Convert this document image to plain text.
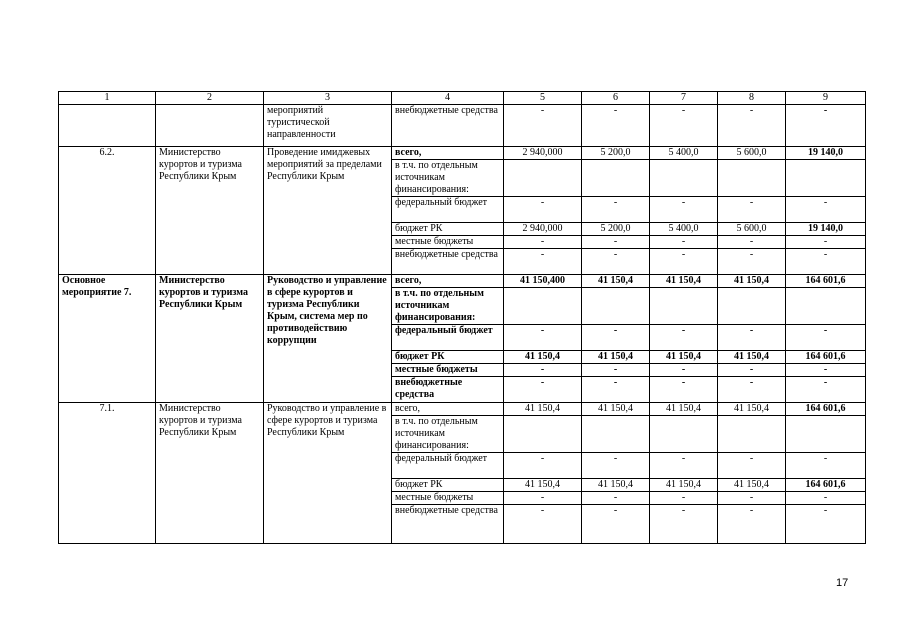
1	2	3	4	5	6	7	8	9
		мероприятий туристической направленности	внебюджетные средства	-	-	-	-	-
6.2.	Министерство курортов и туризма Республики Крым	Проведение имиджевых мероприятий за пределами Республики Крым	всего,	2 940,000	5 200,0	5 400,0	5 600,0	19 140,0
			в т.ч. по отдельным источникам финансирования:					
			федеральный бюджет	-	-	-	-	-
			бюджет РК	2 940,000	5 200,0	5 400,0	5 600,0	19 140,0
			местные бюджеты	-	-	-	-	-
			внебюджетные средства	-	-	-	-	-
Основное мероприятие 7.	Министерство курортов и туризма Республики Крым	Руководство и управление в сфере курортов и туризма Республики Крым, система мер по противодействию коррупции	всего,	41 150,400	41 150,4	41 150,4	41 150,4	164 601,6
			в т.ч. по отдельным источникам финансирования:					
			федеральный бюджет	-	-	-	-	-
			бюджет РК	41 150,4	41 150,4	41 150,4	41 150,4	164 601,6
			местные бюджеты	-	-	-	-	-
			внебюджетные средства	-	-	-	-	-
7.1.	Министерство курортов и туризма Республики Крым	Руководство и управление в сфере курортов и туризма Республики Крым	всего,	41 150,4	41 150,4	41 150,4	41 150,4	164 601,6
			в т.ч. по отдельным источникам финансирования:					
			федеральный бюджет	-	-	-	-	-
			бюджет РК	41 150,4	41 150,4	41 150,4	41 150,4	164 601,6
			местные бюджеты	-	-	-	-	-
			внебюджетные средства	-	-	-	-	-
17
